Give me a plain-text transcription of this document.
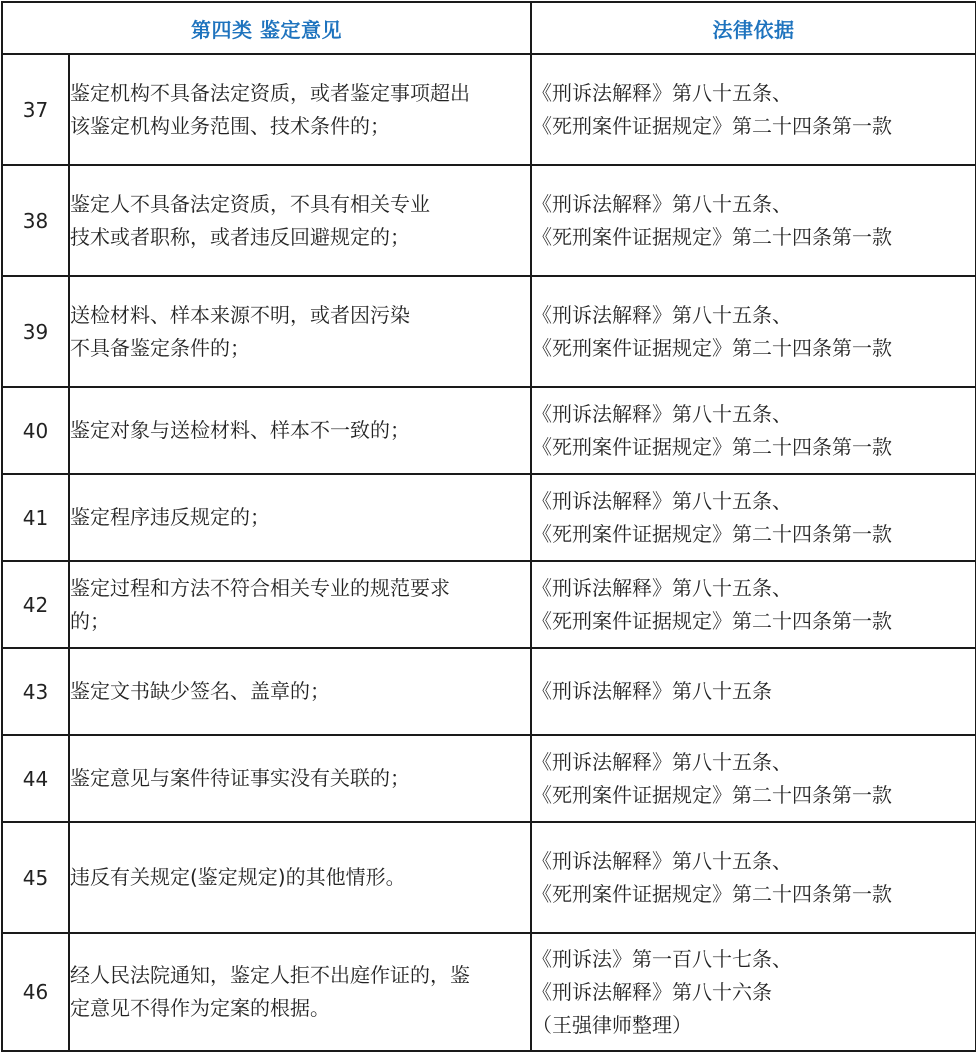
第四类 鉴定意见		法律依据
37	鉴定机构不具备法定资质，或者鉴定事项超出
该鉴定机构业务范围、技术条件的；	《刑诉法解释》第八十五条、
《死刑案件证据规定》第二十四条第一款
38	鉴定人不具备法定资质，不具有相关专业
技术或者职称，或者违反回避规定的；	《刑诉法解释》第八十五条、
《死刑案件证据规定》第二十四条第一款
39	送检材料、样本来源不明，或者因污染
不具备鉴定条件的；	《刑诉法解释》第八十五条、
《死刑案件证据规定》第二十四条第一款
40	鉴定对象与送检材料、样本不一致的；	《刑诉法解释》第八十五条、
《死刑案件证据规定》第二十四条第一款
41	鉴定程序违反规定的；	《刑诉法解释》第八十五条、
《死刑案件证据规定》第二十四条第一款
42	鉴定过程和方法不符合相关专业的规范要求
的；	《刑诉法解释》第八十五条、
《死刑案件证据规定》第二十四条第一款
43	鉴定文书缺少签名、盖章的；	《刑诉法解释》第八十五条
44	鉴定意见与案件待证事实没有关联的；	《刑诉法解释》第八十五条、
《死刑案件证据规定》第二十四条第一款
45	违反有关规定(鉴定规定)的其他情形。	《刑诉法解释》第八十五条、
《死刑案件证据规定》第二十四条第一款
46	经人民法院通知，鉴定人拒不出庭作证的，鉴
定意见不得作为定案的根据。	《刑诉法》第一百八十七条、
《刑诉法解释》第八十六条
（王强律师整理）
